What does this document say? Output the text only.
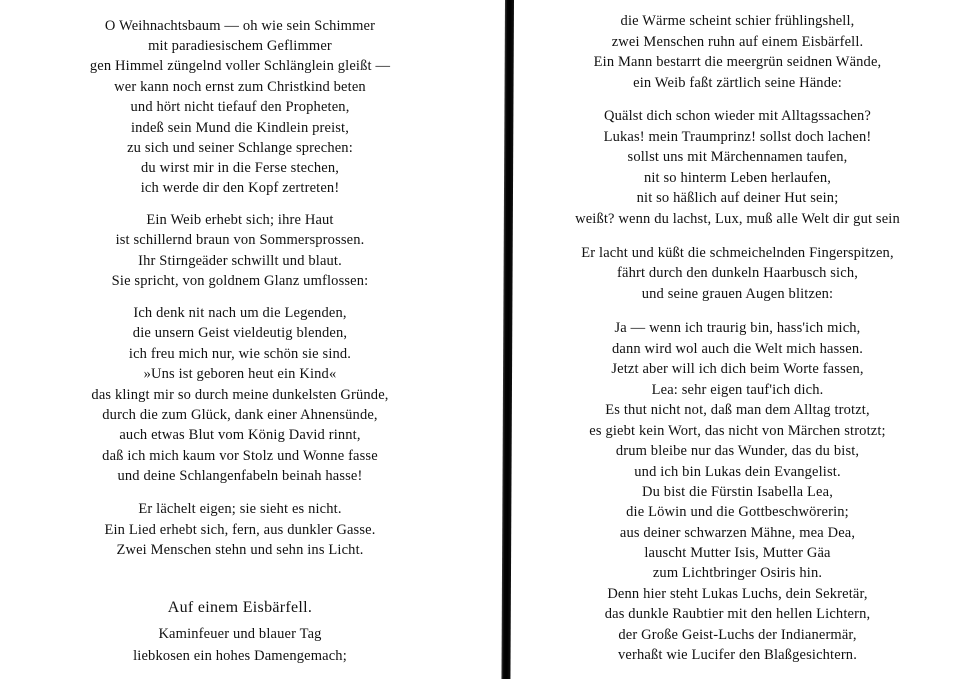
O Weihnachtsbaum — oh wie sein Schimmer
mit paradiesischem Geflimmer
gen Himmel züngelnd voller Schlänglein gleißt —
wer kann noch ernst zum Christkind beten
und hört nicht tiefauf den Propheten,
indeß sein Mund die Kindlein preist,
zu sich und seiner Schlange sprechen:
du wirst mir in die Ferse stechen,
ich werde dir den Kopf zertreten!
Ein Weib erhebt sich; ihre Haut
ist schillernd braun von Sommersprossen.
Ihr Stirngeäder schwillt und blaut.
Sie spricht, von goldnem Glanz umflossen:
Ich denk nit nach um die Legenden,
die unsern Geist vieldeutig blenden,
ich freu mich nur, wie schön sie sind.
»Uns ist geboren heut ein Kind«
das klingt mir so durch meine dunkelsten Gründe,
durch die zum Glück, dank einer Ahnensünde,
auch etwas Blut vom König David rinnt,
daß ich mich kaum vor Stolz und Wonne fasse
und deine Schlangenfabeln beinah hasse!
Er lächelt eigen; sie sieht es nicht.
Ein Lied erhebt sich, fern, aus dunkler Gasse.
Zwei Menschen stehn und sehn ins Licht.
Auf einem Eisbärfell.
Kaminfeuer und blauer Tag
liebkosen ein hohes Damengemach;
die Wärme scheint schier frühlingshell,
zwei Menschen ruhn auf einem Eisbärfell.
Ein Mann bestarrt die meergrün seidnen Wände,
ein Weib faßt zärtlich seine Hände:
Quälst dich schon wieder mit Alltagssachen?
Lukas! mein Traumprinz! sollst doch lachen!
sollst uns mit Märchennamen taufen,
nit so hinterm Leben herlaufen,
nit so häßlich auf deiner Hut sein;
weißt? wenn du lachst, Lux, muß alle Welt dir gut sein
Er lacht und küßt die schmeichelnden Fingerspitzen,
fährt durch den dunkeln Haarbusch sich,
und seine grauen Augen blitzen:
Ja — wenn ich traurig bin, hass'ich mich,
dann wird wol auch die Welt mich hassen.
Jetzt aber will ich dich beim Worte fassen,
Lea: sehr eigen tauf'ich dich.
Es thut nicht not, daß man dem Alltag trotzt,
es giebt kein Wort, das nicht von Märchen strotzt;
drum bleibe nur das Wunder, das du bist,
und ich bin Lukas dein Evangelist.
Du bist die Fürstin Isabella Lea,
die Löwin und die Gottbeschwörerin;
aus deiner schwarzen Mähne, mea Dea,
lauscht Mutter Isis, Mutter Gäa
zum Lichtbringer Osiris hin.
Denn hier steht Lukas Luchs, dein Sekretär,
das dunkle Raubtier mit den hellen Lichtern,
der Große Geist-Luchs der Indianermär,
verhaßt wie Lucifer den Blaßgesichtern.
